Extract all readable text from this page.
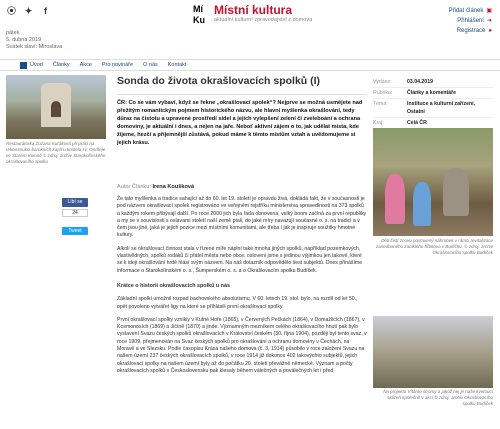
⦿ ✦	f
pátek
5. dubna 2019
Svátek slaví: Miroslava
Mí
Ku
Místní kultura
aktuální kulturní zpravodajství z domova
Přidat článek ▣
Přihlášení ➜
Registrace ●
Úvod Články Akce Pro novináře O nás Kontakt
Restaurátorka Zuzana Kuťáková při práci na rekonstrukci barokních kaplí u kostela sv. Ondřeje ve Starém Koloně © zdroj: archiv Starokolínského okrašlovacího spolku
Líbí se
24
Tweet
Sonda do života okrašlovacích spolků (I)
ČR: Co se vám vybaví, když se řekne „okrašlovací spolek“? Nejprve se možná usmějete nad přežitým romantickým pojmem historického názvu, ale hlavní myšlenka okrašlování, tedy důraz na čistotu a upravené prostředí sídel a jejich vylepšení zelení či zveleboání a ochrana domoviny, je aktuální i dnes, a nejen na jaře. Neboť aktivní zájem o to, jak udělat místa, kde žijeme, hezčí a příjemnější zůstává, pokud máme k těmto místům vztah a uvědomujeme si jejich krásu.
Autor Článku: Irena Koušková

Že tato myšlenka a tradice sahající až do 60. let 19. století je opravdu živá, dokládá fakt, že v současnosti je pod názvem okrašlovací spolek registrováno ve veřejném rejstříku ministerstva spravedlnosti na 373 spolků a každým rokem přibývají další. Po roce 2000 jich byla řada obnovena, velký boom začíná za první republiky a my se v souvislosti s oslavami století naší země ptali, do jaké míry navazují současné o. s. na tradici a v čem jsou jiné, jaká je jejich pozice mezi místními komunitami, ale třeba i jak je inspiruje soužitky hmotné kultury.

Alkolí se okrašlovací činnost stala v řízené míře náplní také mnoha jiných spolků, například pozemkových, vlastivědných, spolků rodáků či přátel města nebo obce, osloveni jsme s jedinou výjimkou jen takové, které se k ideji okrašlování hrdě hlásí svým názvem. Na náš dotazník odpovědělo šest subjektů. Dnes přinášíme informace o Starokolínském o. s., Šumperském o. s. a o Okrašlovacím spolku Budíček.

Krátce o historii okrašlovacích spolků u nás

Základní spolkí umožnil rozpad bachovského absolutismu. V 60. letech 19. stol. bylo, na rozdíl od let 50., opět povoleno vytvářet ligy na které se přihlásili první okrašlovací spolky.

První okrašlovací spolky vznikly v Kutné Hoře (1865), v Červených Pečkách (1864), v Domažlicích (1867), v Kosmonosích (1869) a Jičíně (1870) a jinde. Významným mezníkem celého okrašlovacího hnutí pak bylo vystavení Svazu českých spolků okrašlovacích v Království českém (30. října 1904), později byl tento svaz, v roce 1909, přejmenován na Svaz českých spolků pro okrašlování a ochranu domoviny v Čechách, na Moravě a ve Slezsku. Podle časopisu Krása našeho domova (č. 3, 1914) působilo v roce založení Svazu na našem území 237 českých okrašlovacích spolků, v roce 1914 již dokonce 402 takovýchto subjektů, jejich okrašlovací spolky na našem území byly až do počátku 20. století převážně německé. Význam a počty okrašlovacích spolků v Československu pak klesaly během válečných a poválečných let i před

Vydáno:	03.04.2019
Rubrika:	Články a komentáře
Téma:	Instituce a kulturní zařízení, Ostatní
Kraj:	Celá ČR
Děti čistí znovu postavený náhrobek v rámci revitalizace zanedbaného zaniklého hřbitova v Budíčku. © zdroj: archiv Okrašlovacího spolku Budíček
Na projektu Vítáme stromy a jakož nej je naše kvetoucí sklizeň společně v akci © zdroj: archiv Okrašlovacího spolku Budíček
